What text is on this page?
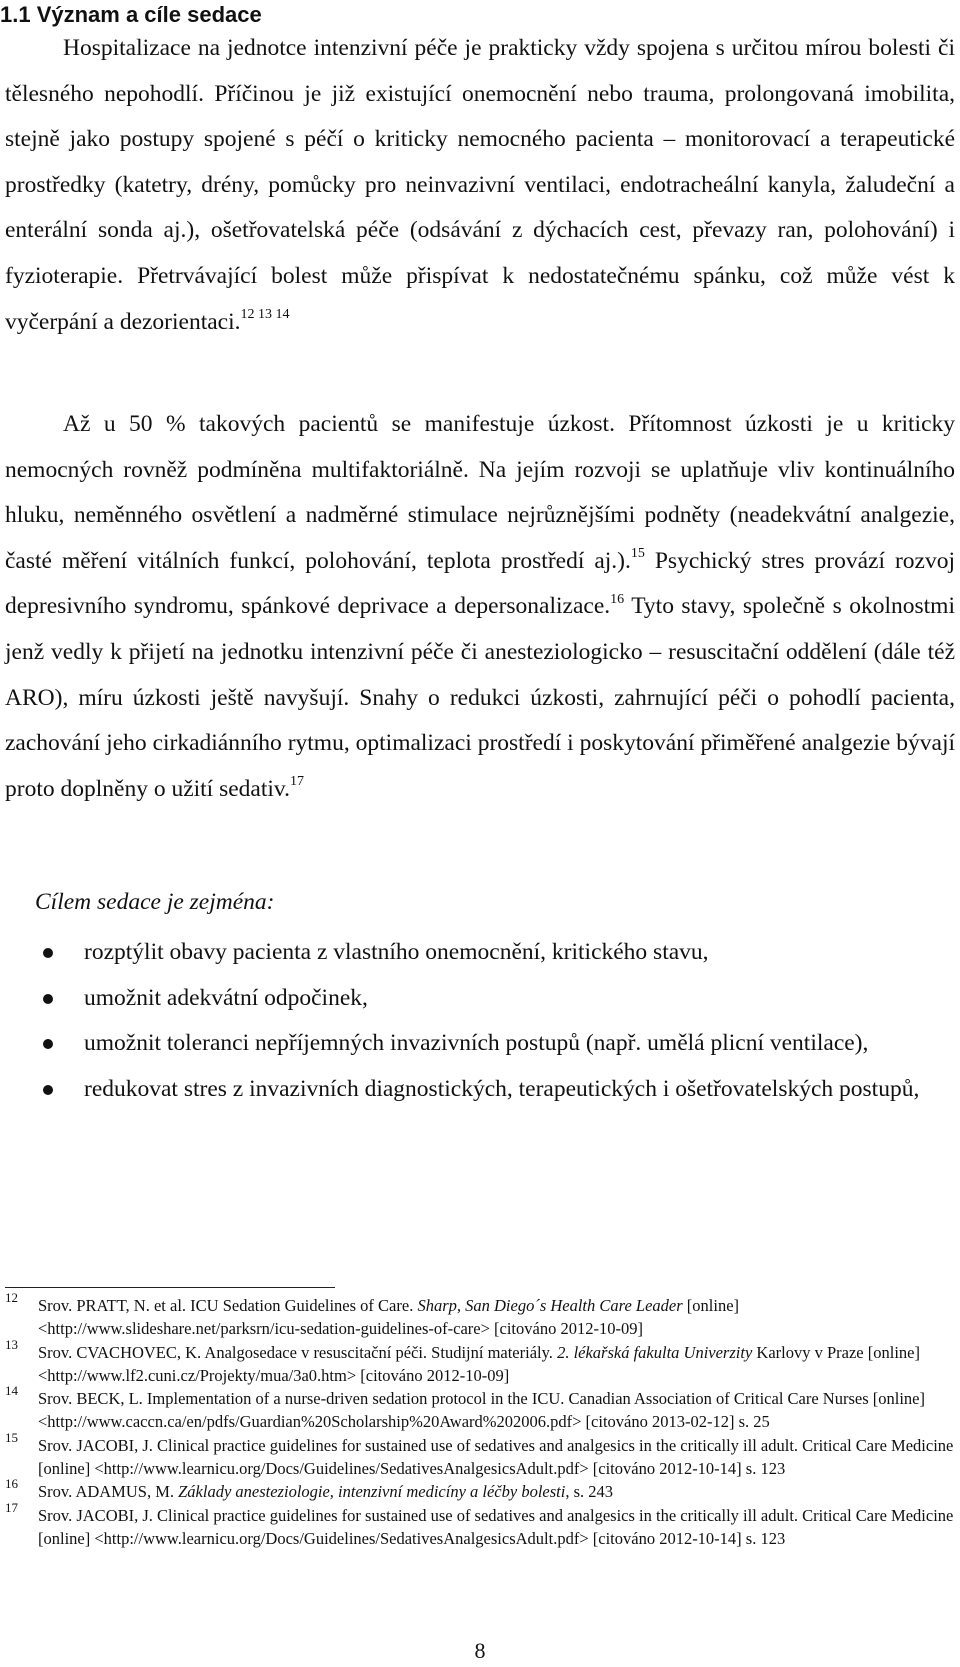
1.1 Význam a cíle sedace

Hospitalizace na jednotce intenzivní péče je prakticky vždy spojena s určitou mírou bolesti či tělesného nepohodlí. Příčinou je již existující onemocnění nebo trauma, prolongovaná imobilita, stejně jako postupy spojené s péčí o kriticky nemocného pacienta – monitorovací a terapeutické prostředky (katetry, drény, pomůcky pro neinvazivní ventilaci, endotracheální kanyla, žaludeční a enterální sonda aj.), ošetřovatelská péče (odsávání z dýchacích cest, převazy ran, polohování) i fyzioterapie. Přetrvávající bolest může přispívat k nedostatečnému spánku, což může vést k vyčerpání a dezorientaci.$^{12 13 14}$

Až u 50 % takových pacientů se manifestuje úzkost. Přítomnost úzkosti je u kriticky nemocných rovněž podmíněna multifaktoriálně. Na jejím rozvoji se uplatňuje vliv kontinuálního hluku, neměnného osvětlení a nadměrné stimulace nejrůznějšími podněty (neadekvátní analgezie, časté měření vitálních funkcí, polohování, teplota prostředí aj.).$^{15}$ Psychický stres provází rozvoj depresivního syndromu, spánkové deprivace a depersonalizace.$^{16}$ Tyto stavy, společně s okolnostmi jenž vedly k přijetí na jednotku intenzivní péče či anesteziologicko – resuscitační oddělení (dále též ARO), míru úzkosti ještě navyšují. Snahy o redukci úzkosti, zahrnující péči o pohodlí pacienta, zachování jeho cirkadiánního rytmu, optimalizaci prostředí i poskytování přiměřené analgezie bývají proto doplněny o užití sedativ.$^{17}$

Cílem sedace je zejména:

rozptýlit obavy pacienta z vlastního onemocnění, kritického stavu,
umožnit adekvátní odpočinek,
umožnit toleranci nepříjemných invazivních postupů (např. umělá plicní ventilace),
redukovat stres z invazivních diagnostických, terapeutických i ošetřovatelských postupů,
12 Srov. PRATT, N. et al. ICU Sedation Guidelines of Care. Sharp, San Diego´s Health Care Leader [online] <http://www.slideshare.net/parksrn/icu-sedation-guidelines-of-care> [citováno 2012-10-09]
13 Srov. CVACHOVEC, K. Analgosedace v resuscitační péči. Studijní materiály. 2. lékařská fakulta Univerzity Karlovy v Praze [online] <http://www.lf2.cuni.cz/Projekty/mua/3a0.htm> [citováno 2012-10-09]
14 Srov. BECK, L. Implementation of a nurse-driven sedation protocol in the ICU. Canadian Association of Critical Care Nurses [online] <http://www.caccn.ca/en/pdfs/Guardian%20Scholarship%20Award%202006.pdf> [citováno 2013-02-12] s. 25
15 Srov. JACOBI, J. Clinical practice guidelines for sustained use of sedatives and analgesics in the critically ill adult. Critical Care Medicine [online] <http://www.learnicu.org/Docs/Guidelines/SedativesAnalgesicsAdult.pdf> [citováno 2012-10-14] s. 123
16 Srov. ADAMUS, M. Základy anesteziologie, intenzivní medicíny a léčby bolesti, s. 243
17 Srov. JACOBI, J. Clinical practice guidelines for sustained use of sedatives and analgesics in the critically ill adult. Critical Care Medicine [online] <http://www.learnicu.org/Docs/Guidelines/SedativesAnalgesicsAdult.pdf> [citováno 2012-10-14] s. 123
8
